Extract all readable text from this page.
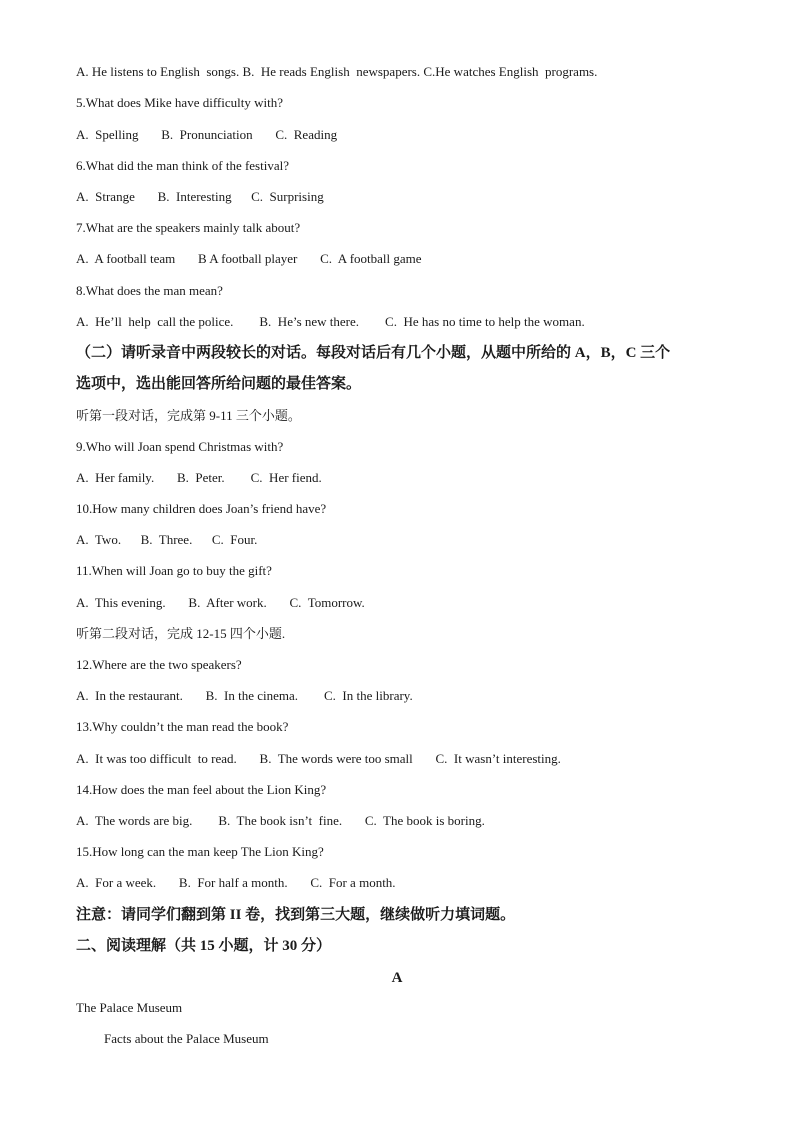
A. He listens to English  songs. B.  He reads English  newspapers. C.He watches English  programs.
5.What does Mike have difficulty with?
A.  Spelling       B.  Pronunciation       C.  Reading
6.What did the man think of the festival?
A.  Strange       B.  Interesting      C.  Surprising
7.What are the speakers mainly talk about?
A.  A football team       B A football player       C.  A football game
8.What does the man mean?
A.  He’ll  help  call the police.        B.  He’s new there.        C.  He has no time to help the woman.
（二）请听录音中两段较长的对话。每段对话后有几个小题，从题中所给的 A，B，C 三个
选项中，选出能回答所给问题的最佳答案。
听第一段对话，完成第 9-11 三个小题。
9.Who will Joan spend Christmas with?
A.  Her family.       B.  Peter.        C.  Her fiend.
10.How many children does Joan’s friend have?
A.  Two.      B.  Three.      C.  Four.
11.When will Joan go to buy the gift?
A.  This evening.       B.  After work.       C.  Tomorrow.
听第二段对话，完成 12-15 四个小题.
12.Where are the two speakers?
A.  In the restaurant.       B.  In the cinema.        C.  In the library.
13.Why couldn’t the man read the book?
A.  It was too difficult  to read.       B.  The words were too small       C.  It wasn’t interesting.
14.How does the man feel about the Lion King?
A.  The words are big.        B.  The book isn’t  fine.       C.  The book is boring.
15.How long can the man keep The Lion King?
A.  For a week.       B.  For half a month.       C.  For a month.
注意：请同学们翻到第 II 卷，找到第三大题，继续做听力填词题。
二、阅读理解（共 15 小题，计 30 分）
A
The Palace Museum
Facts about the Palace Museum
